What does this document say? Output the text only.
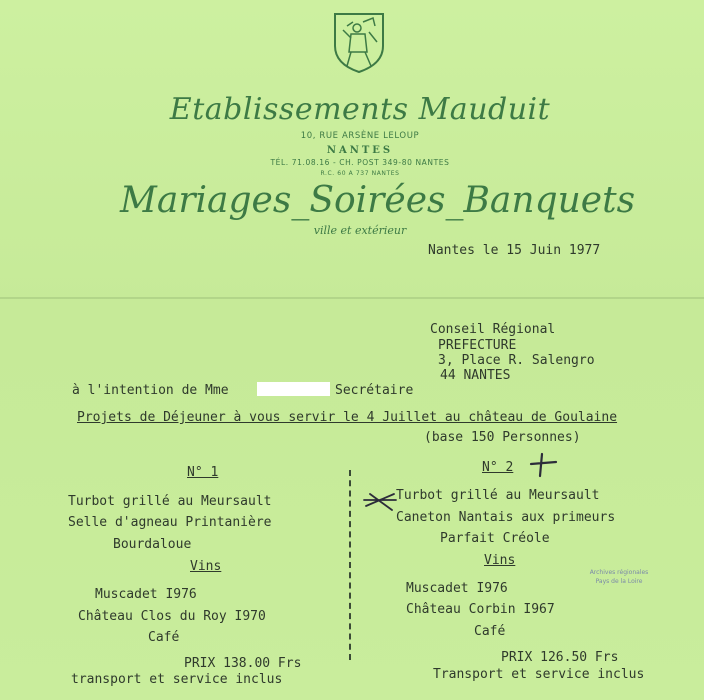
Etablissements Mauduit
10, RUE ARSÈNE LELOUP
NANTES
TÉL. 71.08.16 - CH. POST 349-80 NANTES
R.C. 60 A 737 NANTES
Mariages_Soirées_Banquets
ville et extérieur
Nantes le 15 Juin 1977
Conseil Régional
PREFECTURE
3, Place R. Salengro
44 NANTES
à l'intention de Mme	Secrétaire
Projets de Déjeuner à vous servir le 4 Juillet au château de Goulaine
(base 150 Personnes)
N° 1
Turbot grillé au Meursault
Selle d'agneau Printanière
Bourdaloue
Vins
Muscadet I976
Château Clos du Roy I970
Café
PRIX 138.00 Frs
transport et service inclus
N° 2
Turbot grillé au Meursault
Caneton Nantais aux primeurs
Parfait Créole
Vins
Muscadet I976
Château Corbin I967
Café
PRIX 126.50 Frs
Transport et service inclus
Archives régionales
Pays de la Loire
